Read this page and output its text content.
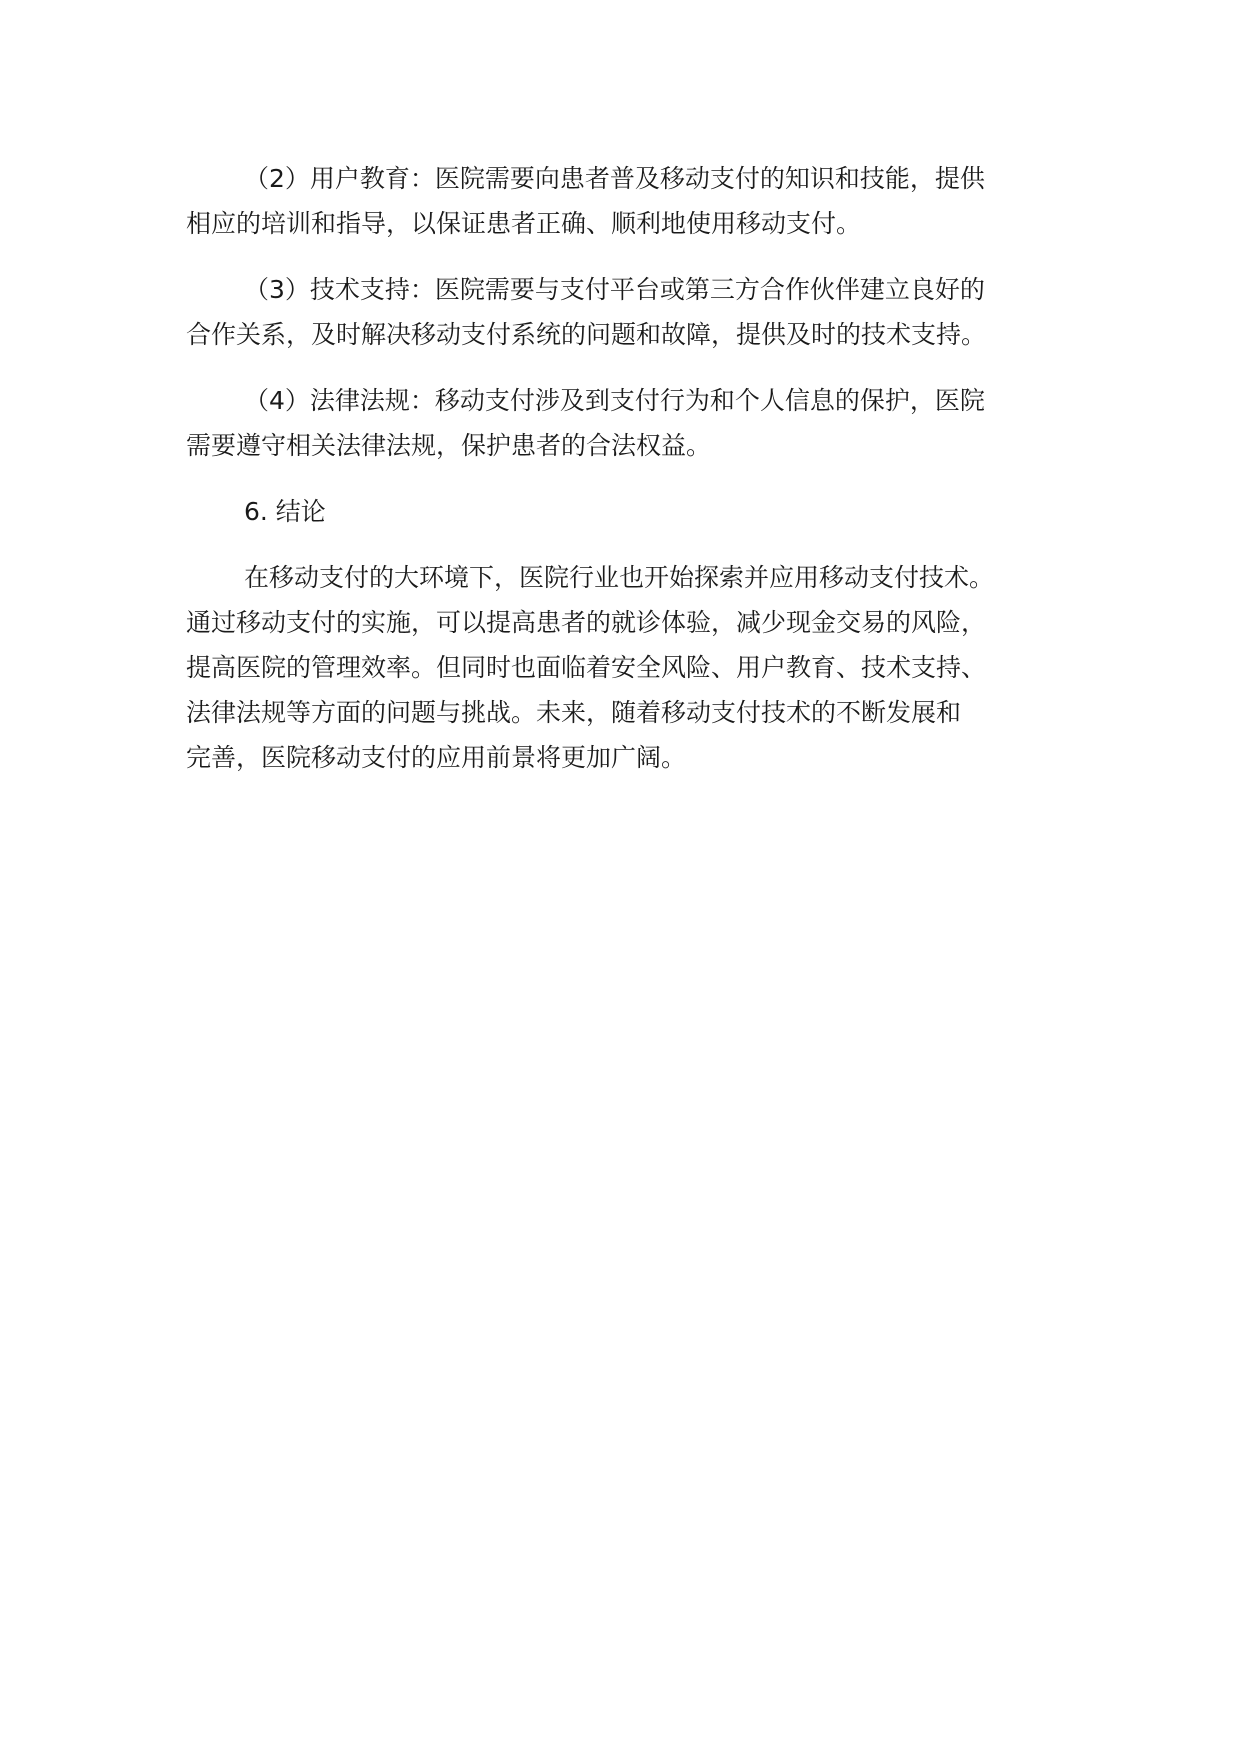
（2）用户教育：医院需要向患者普及移动支付的知识和技能，提供
相应的培训和指导，以保证患者正确、顺利地使用移动支付。
（3）技术支持：医院需要与支付平台或第三方合作伙伴建立良好的
合作关系，及时解决移动支付系统的问题和故障，提供及时的技术支持。
（4）法律法规：移动支付涉及到支付行为和个人信息的保护，医院
需要遵守相关法律法规，保护患者的合法权益。
6. 结论
在移动支付的大环境下，医院行业也开始探索并应用移动支付技术。
通过移动支付的实施，可以提高患者的就诊体验，减少现金交易的风险，
提高医院的管理效率。但同时也面临着安全风险、用户教育、技术支持、
法律法规等方面的问题与挑战。未来，随着移动支付技术的不断发展和
完善，医院移动支付的应用前景将更加广阔。
